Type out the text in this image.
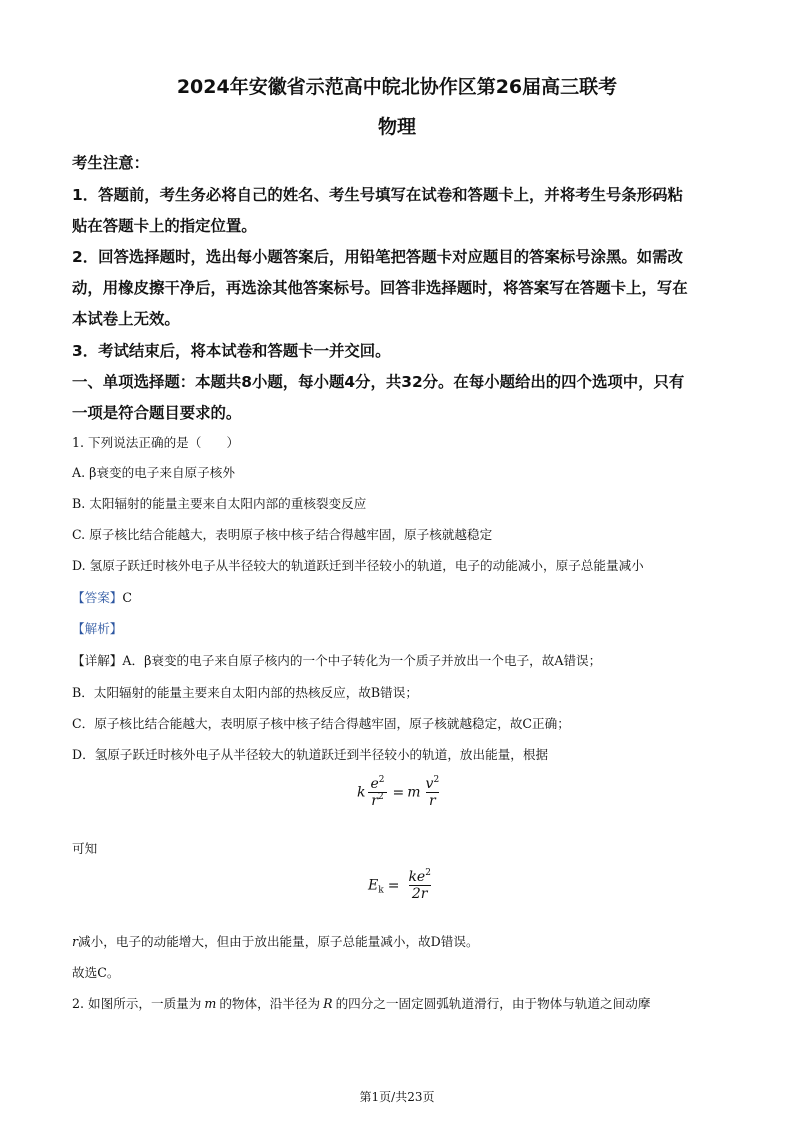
2024年安徽省示范高中皖北协作区第26届高三联考
物理
考生注意：
1．答题前，考生务必将自己的姓名、考生号填写在试卷和答题卡上，并将考生号条形码粘
贴在答题卡上的指定位置。
2．回答选择题时，选出每小题答案后，用铅笔把答题卡对应题目的答案标号涂黑。如需改
动，用橡皮擦干净后，再选涂其他答案标号。回答非选择题时，将答案写在答题卡上，写在
本试卷上无效。
3．考试结束后，将本试卷和答题卡一并交回。
一、单项选择题：本题共8小题，每小题4分，共32分。在每小题给出的四个选项中，只有
一项是符合题目要求的。
1. 下列说法正确的是（　　）
A. β衰变的电子来自原子核外
B. 太阳辐射的能量主要来自太阳内部的重核裂变反应
C. 原子核比结合能越大，表明原子核中核子结合得越牢固，原子核就越稳定
D. 氢原子跃迁时核外电子从半径较大的轨道跃迁到半径较小的轨道，电子的动能减小，原子总能量减小
【答案】C
【解析】
【详解】A．β衰变的电子来自原子核内的一个中子转化为一个质子并放出一个电子，故A错误；
B．太阳辐射的能量主要来自太阳内部的热核反应，故B错误；
C．原子核比结合能越大，表明原子核中核子结合得越牢固，原子核就越稳定，故C正确；
D．氢原子跃迁时核外电子从半径较大的轨道跃迁到半径较小的轨道，放出能量，根据
k $\frac{e^2}{r^2} = m \frac{v^2}{r}$
可知
$E_k = \frac{ke^2}{2r}$
r减小，电子的动能增大，但由于放出能量，原子总能量减小，故D错误。
故选C。
2. 如图所示，一质量为 m 的物体，沿半径为 R 的四分之一固定圆弧轨道滑行，由于物体与轨道之间动摩
第1页/共23页
